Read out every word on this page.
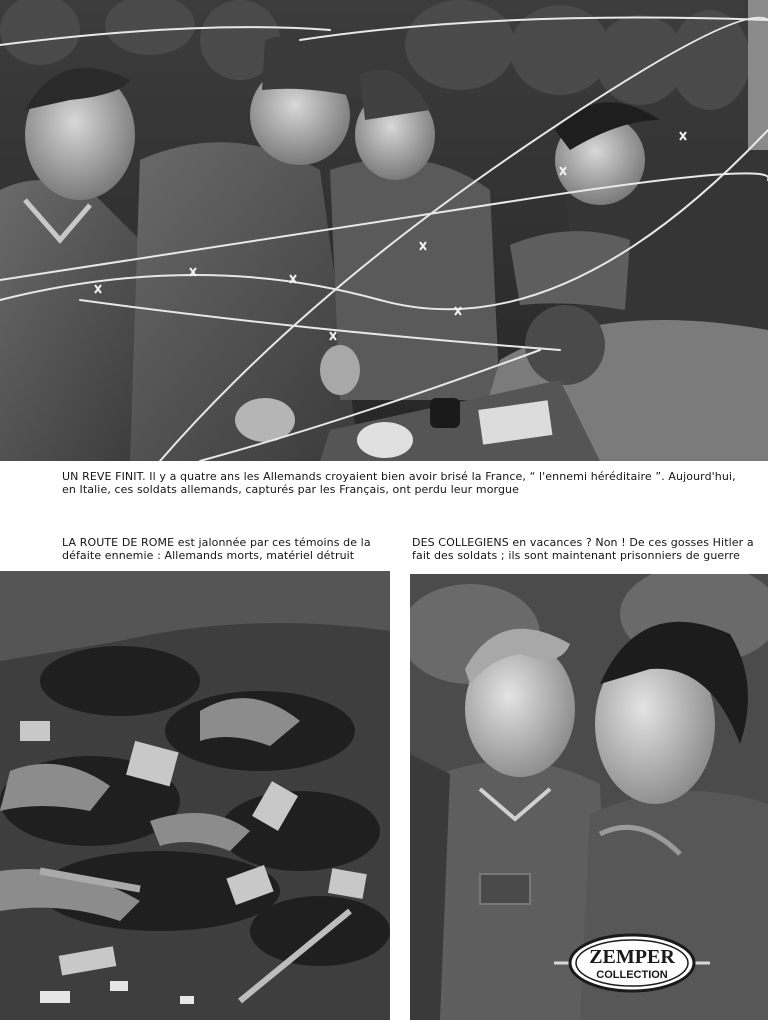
UN REVE FINIT. Il y a quatre ans les Allemands croyaient bien avoir brisé la France, “ l'ennemi héréditaire ”. Aujourd'hui, en Italie, ces soldats allemands, capturés par les Français, ont perdu leur morgue
LA ROUTE DE ROME est jalonnée par ces témoins de la défaite ennemie : Allemands morts, matériel détruit
DES COLLEGIENS en vacances ? Non ! De ces gosses Hitler a fait des soldats ; ils sont maintenant prisonniers de guerre
ZEMPER
COLLECTION
